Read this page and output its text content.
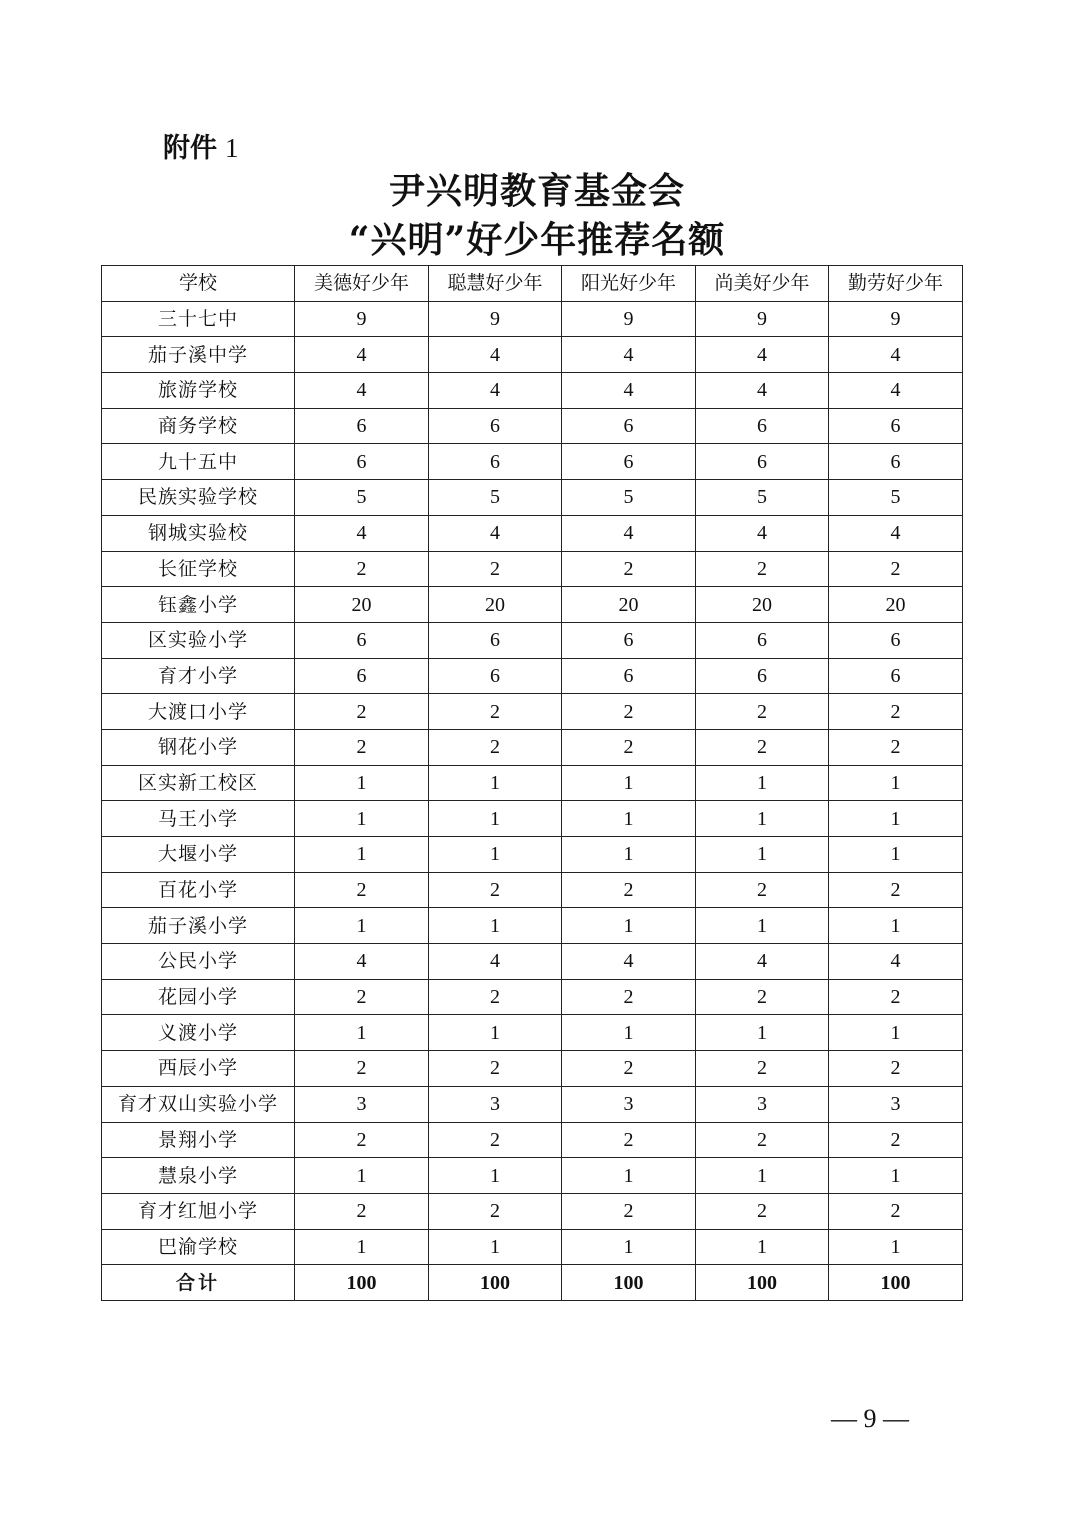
附件 1
尹兴明教育基金会
“兴明”好少年推荐名额
学校	美德好少年	聪慧好少年	阳光好少年	尚美好少年	勤劳好少年
三十七中	9	9	9	9	9
茄子溪中学	4	4	4	4	4
旅游学校	4	4	4	4	4
商务学校	6	6	6	6	6
九十五中	6	6	6	6	6
民族实验学校	5	5	5	5	5
钢城实验校	4	4	4	4	4
长征学校	2	2	2	2	2
钰鑫小学	20	20	20	20	20
区实验小学	6	6	6	6	6
育才小学	6	6	6	6	6
大渡口小学	2	2	2	2	2
钢花小学	2	2	2	2	2
区实新工校区	1	1	1	1	1
马王小学	1	1	1	1	1
大堰小学	1	1	1	1	1
百花小学	2	2	2	2	2
茄子溪小学	1	1	1	1	1
公民小学	4	4	4	4	4
花园小学	2	2	2	2	2
义渡小学	1	1	1	1	1
西辰小学	2	2	2	2	2
育才双山实验小学	3	3	3	3	3
景翔小学	2	2	2	2	2
慧泉小学	1	1	1	1	1
育才红旭小学	2	2	2	2	2
巴渝学校	1	1	1	1	1
合计	100	100	100	100	100
— 9 —
